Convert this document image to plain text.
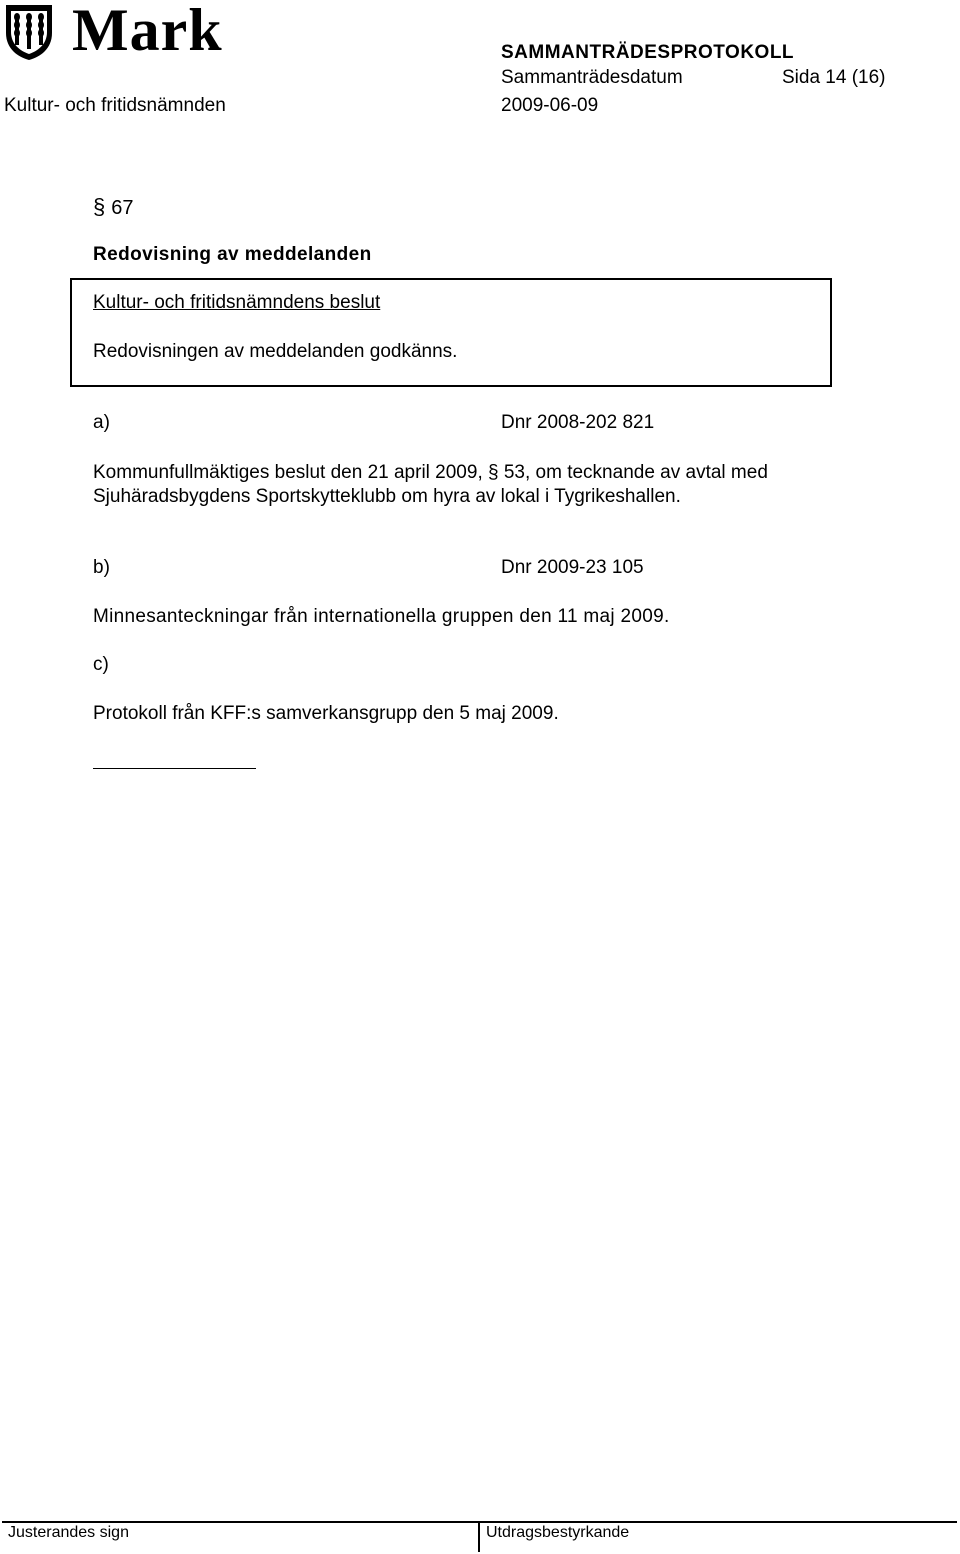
Mark	SAMMANTRÄDESPROTOKOLL
Sammanträdesdatum	Sida 14 (16)
Kultur- och fritidsnämnden	2009-06-09
§ 67
Redovisning av meddelanden
Kultur- och fritidsnämndens beslut
Redovisningen av meddelanden godkänns.
a)	Dnr 2008-202 821
Kommunfullmäktiges beslut den 21 april 2009, § 53, om tecknande av avtal med Sjuhäradsbygdens Sportskytteklubb om hyra av lokal i Tygrikeshallen.
b)	Dnr 2009-23 105
Minnesanteckningar från internationella gruppen den 11 maj 2009.
c)
Protokoll från KFF:s samverkansgrupp den 5 maj 2009.
Justerandes sign	Utdragsbestyrkande
